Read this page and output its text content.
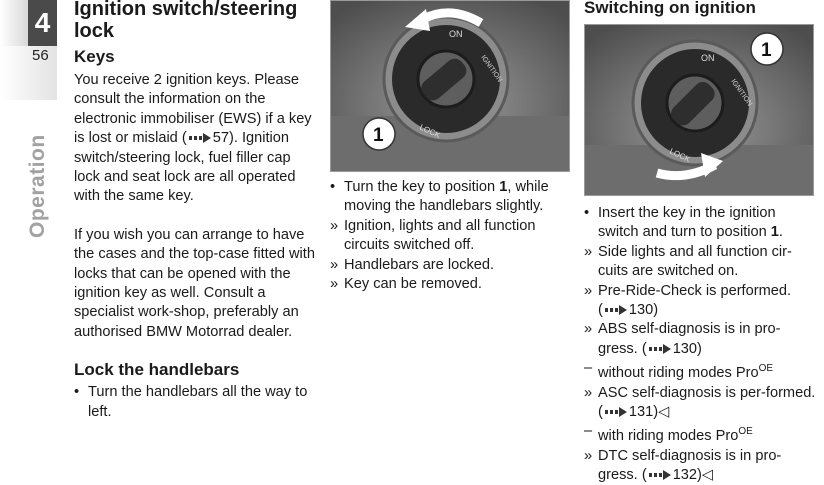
4
56
Operation
Ignition switch/steering lock
Keys

You receive 2 ignition keys. Please consult the information on the electronic immobiliser (EWS) if a key is lost or mislaid ( 57). Ignition switch/steering lock, fuel filler cap lock and seat lock are all operated with the same key.

If you wish you can arrange to have the cases and the top-case fitted with locks that can be opened with the ignition key as well. Consult a specialist work-shop, preferably an authorised BMW Motorrad dealer.

Lock the handlebars
• Turn the handlebars all the way to left.
LOCK
ON
IGNITION
1
• Turn the key to position 1, while moving the handlebars slightly.
» Ignition, lights and all function circuits switched off.
» Handlebars are locked.
» Key can be removed.
Switching on ignition
LOCK
ON
IGNITION
1
• Insert the key in the ignition switch and turn to position 1.
» Side lights and all function cir-cuits are switched on.
» Pre-Ride-Check is performed.
( 130)
» ABS self-diagnosis is in pro-gress. ( 130)
– without riding modes Pro$^{OE}$
» ASC self-diagnosis is per-formed. ( 131)◁
– with riding modes Pro$^{OE}$
» DTC self-diagnosis is in pro-gress. ( 132)◁
